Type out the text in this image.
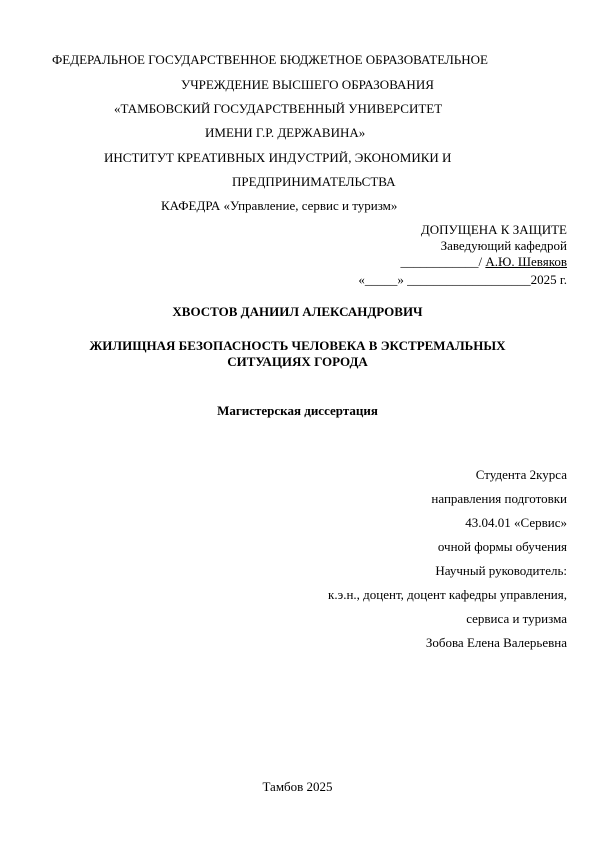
ФЕДЕРАЛЬНОЕ ГОСУДАРСТВЕННОЕ БЮДЖЕТНОЕ ОБРАЗОВАТЕЛЬНОЕ
УЧРЕЖДЕНИЕ ВЫСШЕГО ОБРАЗОВАНИЯ
«ТАМБОВСКИЙ ГОСУДАРСТВЕННЫЙ УНИВЕРСИТЕТ
ИМЕНИ Г.Р. ДЕРЖАВИНА»
ИНСТИТУТ КРЕАТИВНЫХ ИНДУСТРИЙ, ЭКОНОМИКИ И
ПРЕДПРИНИМАТЕЛЬСТВА
КАФЕДРА «Управление, сервис и туризм»
ДОПУЩЕНА К ЗАЩИТЕ
Заведующий кафедрой
____________/ А.Ю. Шевяков
«_____» ___________________2025 г.
ХВОСТОВ ДАНИИЛ АЛЕКСАНДРОВИЧ
ЖИЛИЩНАЯ БЕЗОПАСНОСТЬ ЧЕЛОВЕКА В ЭКСТРЕМАЛЬНЫХ
СИТУАЦИЯХ ГОРОДА
Магистерская диссертация
Студента 2курса
направления подготовки
43.04.01 «Сервис»
очной формы обучения
Научный руководитель:
к.э.н., доцент, доцент кафедры управления,
сервиса и туризма
Зобова Елена Валерьевна
Тамбов 2025
